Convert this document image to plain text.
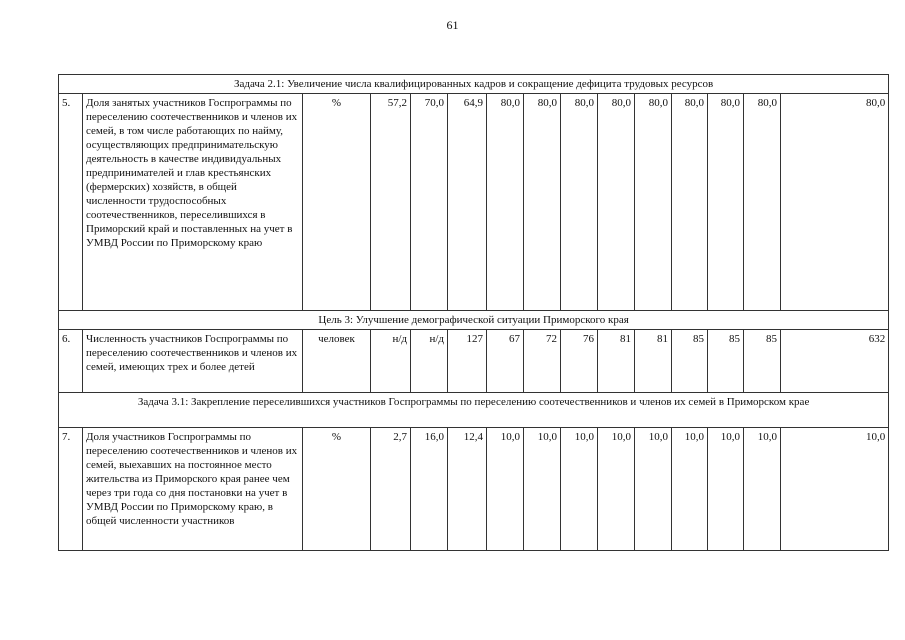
61
Задача 2.1: Увеличение числа квалифицированных кадров и сокращение дефицита трудовых ресурсов														
5.	Доля занятых участников Госпрограммы по переселению соотечественников и членов их семей, в том числе работающих по найму, осуществляющих предпринимательскую деятельность в качестве индивидуальных предпринимателей и глав крестьянских (фермерских) хозяйств, в общей численности трудоспособных соотечественников, переселившихся в Приморский край и поставленных на учет в УМВД России по Приморскому краю	%	57,2	70,0	64,9	80,0	80,0	80,0	80,0	80,0	80,0	80,0	80,0	80,0
Цель 3: Улучшение демографической ситуации Приморского края														
6.	Численность участников Госпрограммы по переселению соотечественников и членов их семей, имеющих трех и более детей	человек	н/д	н/д	127	67	72	76	81	81	85	85	85	632
Задача 3.1: Закрепление переселившихся участников Госпрограммы по переселению соотечественников и членов их семей в Приморском крае														
7.	Доля участников Госпрограммы по переселению соотечественников и членов их семей, выехавших на постоянное место жительства из Приморского края ранее чем через три года со дня постановки на учет в УМВД России по Приморскому краю, в общей численности участников	%	2,7	16,0	12,4	10,0	10,0	10,0	10,0	10,0	10,0	10,0	10,0	10,0
